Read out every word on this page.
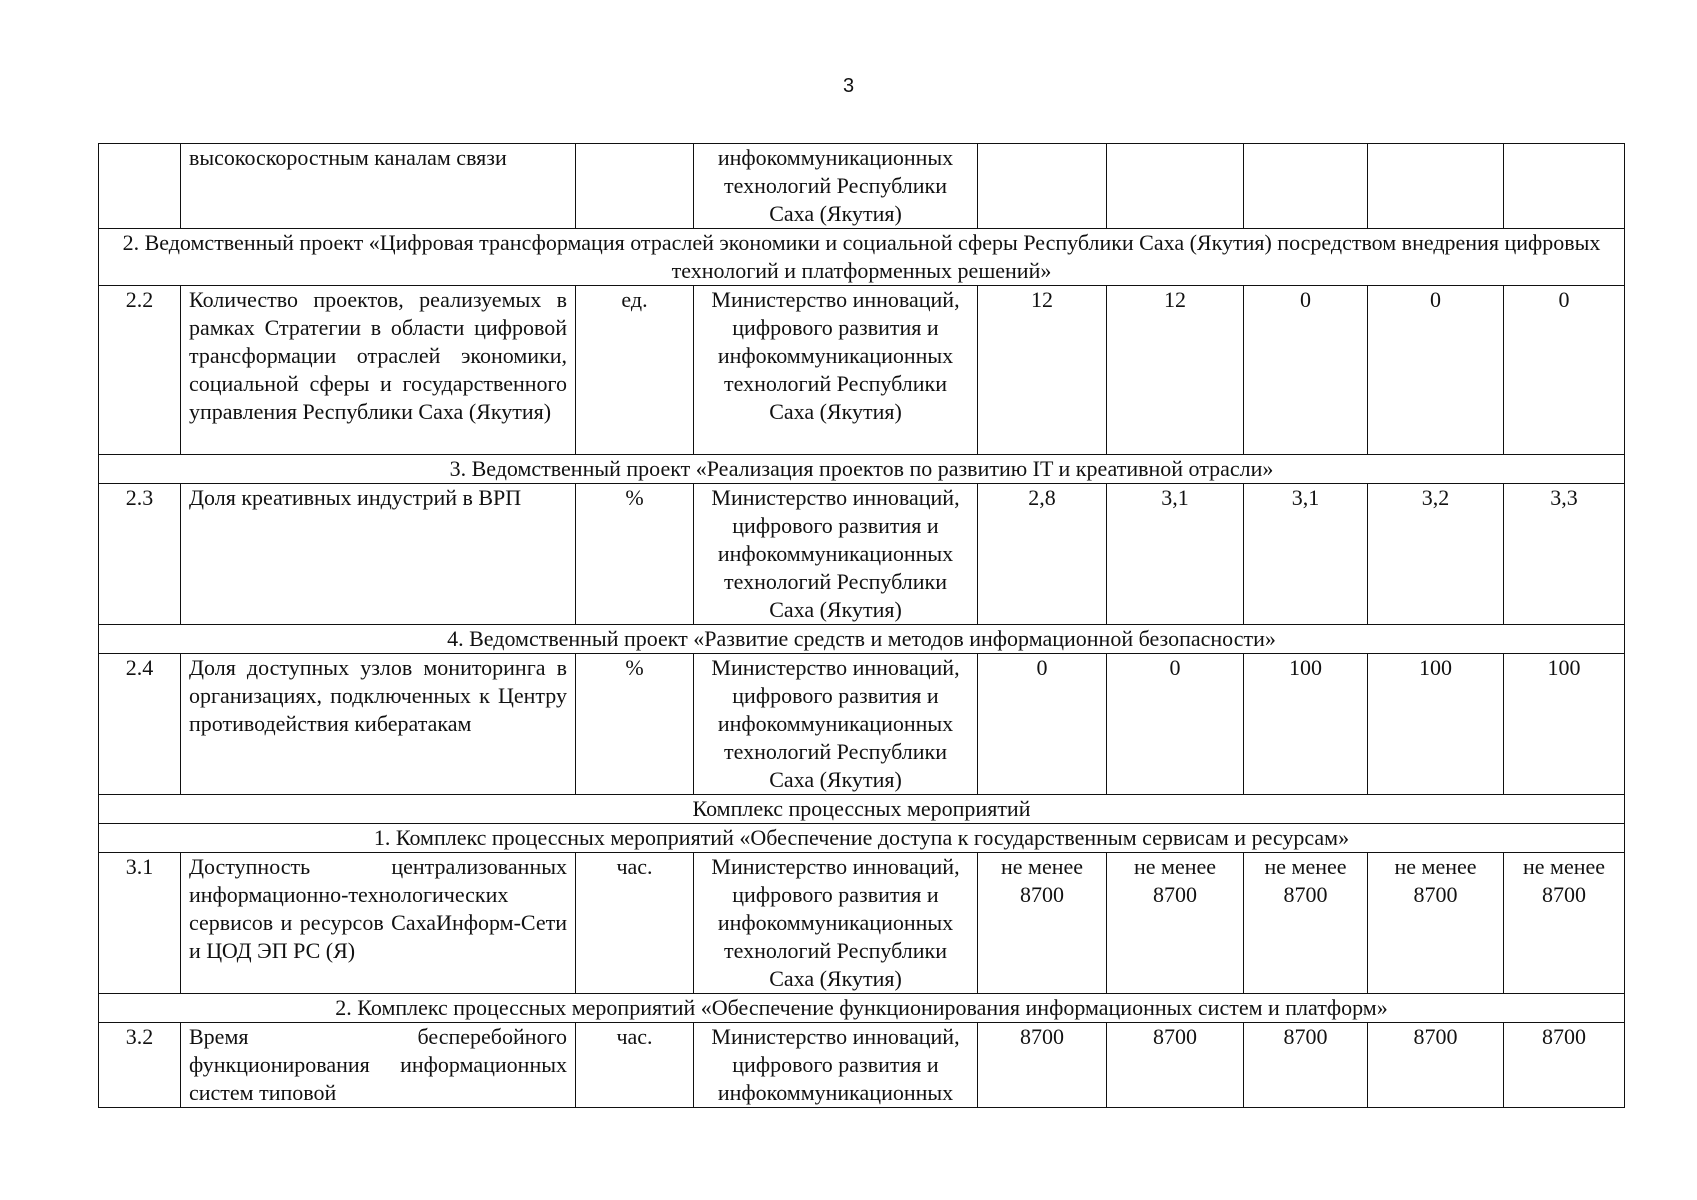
3
	высокоскоростным каналам связи		инфокоммуникационных технологий Республики Саха (Якутия)					
2. Ведомственный проект «Цифровая трансформация отраслей экономики и социальной сферы Республики Саха (Якутия) посредством внедрения цифровых технологий и платформенных решений»								
2.2	Количество проектов, реализуемых в рамках Стратегии в области цифровой трансформации отраслей экономики, социальной сферы и государственного управления Республики Саха (Якутия)	ед.	Министерство инноваций, цифрового развития и инфокоммуникационных технологий Республики Саха (Якутия)	12	12	0	0	0
3. Ведомственный проект «Реализация проектов по развитию IT и креативной отрасли»								
2.3	Доля креативных индустрий в ВРП	%	Министерство инноваций, цифрового развития и инфокоммуникационных технологий Республики Саха (Якутия)	2,8	3,1	3,1	3,2	3,3
4. Ведомственный проект «Развитие средств и методов информационной безопасности»								
2.4	Доля доступных узлов мониторинга в организациях, подключенных к Центру противодействия кибератакам	%	Министерство инноваций, цифрового развития и инфокоммуникационных технологий Республики Саха (Якутия)	0	0	100	100	100
Комплекс процессных мероприятий								
1. Комплекс процессных мероприятий «Обеспечение доступа к государственным сервисам и ресурсам»								
3.1	Доступность централизованных информационно-технологических сервисов и ресурсов СахаИнформ-Сети и ЦОД ЭП РС (Я)	час.	Министерство инноваций, цифрового развития и инфокоммуникационных технологий Республики Саха (Якутия)	не менее 8700	не менее 8700	не менее 8700	не менее 8700	не менее 8700
2. Комплекс процессных мероприятий «Обеспечение функционирования информационных систем и платформ»								
3.2	Время бесперебойного функционирования информационных систем типовой	час.	Министерство инноваций, цифрового развития и инфокоммуникационных	8700	8700	8700	8700	8700
